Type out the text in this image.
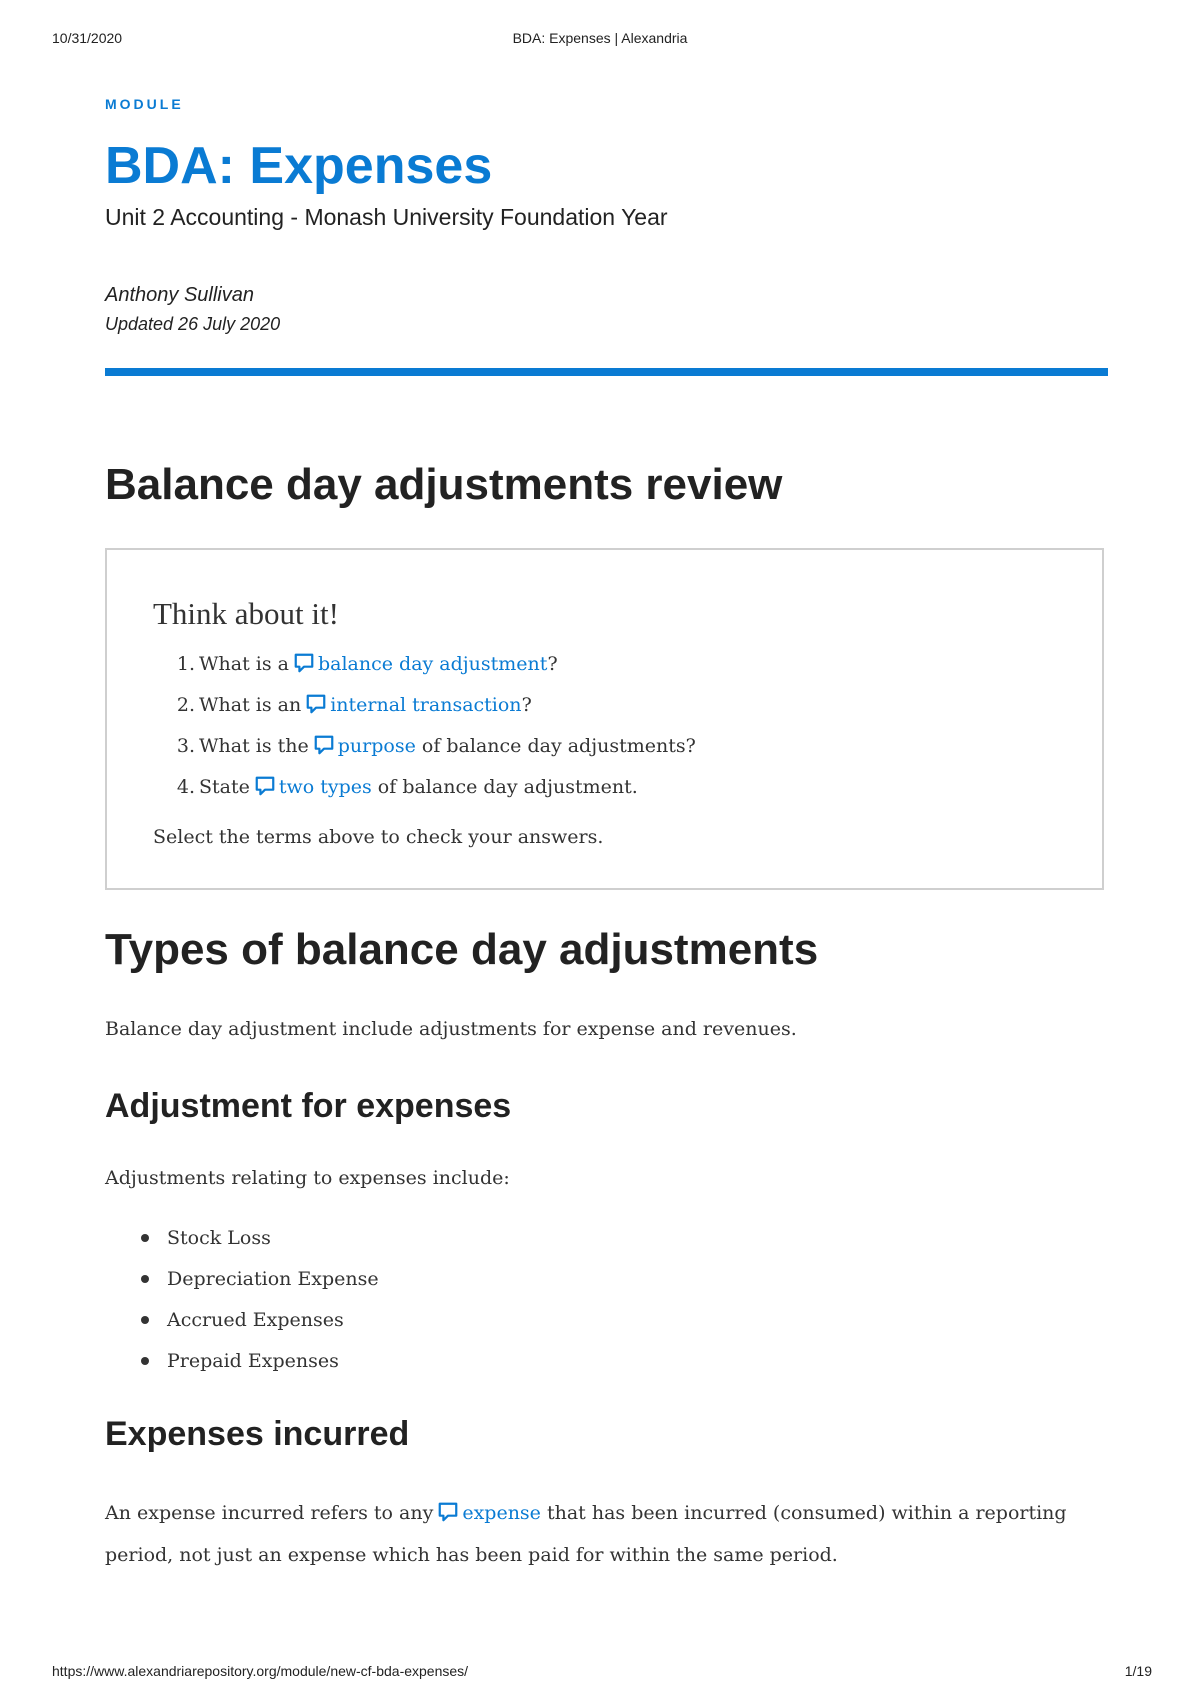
10/31/2020	BDA: Expenses | Alexandria
MODULE
BDA: Expenses
Unit 2 Accounting - Monash University Foundation Year
Anthony Sullivan
Updated 26 July 2020
Balance day adjustments review
Think about it!
1. What is a balance day adjustment?
2. What is an internal transaction?
3. What is the purpose of balance day adjustments?
4. State two types of balance day adjustment.
Select the terms above to check your answers.
Types of balance day adjustments
Balance day adjustment include adjustments for expense and revenues.
Adjustment for expenses
Adjustments relating to expenses include:
Stock Loss
Depreciation Expense
Accrued Expenses
Prepaid Expenses
Expenses incurred
An expense incurred refers to any expense that has been incurred (consumed) within a reporting period, not just an expense which has been paid for within the same period.
https://www.alexandriarepository.org/module/new-cf-bda-expenses/	1/19
